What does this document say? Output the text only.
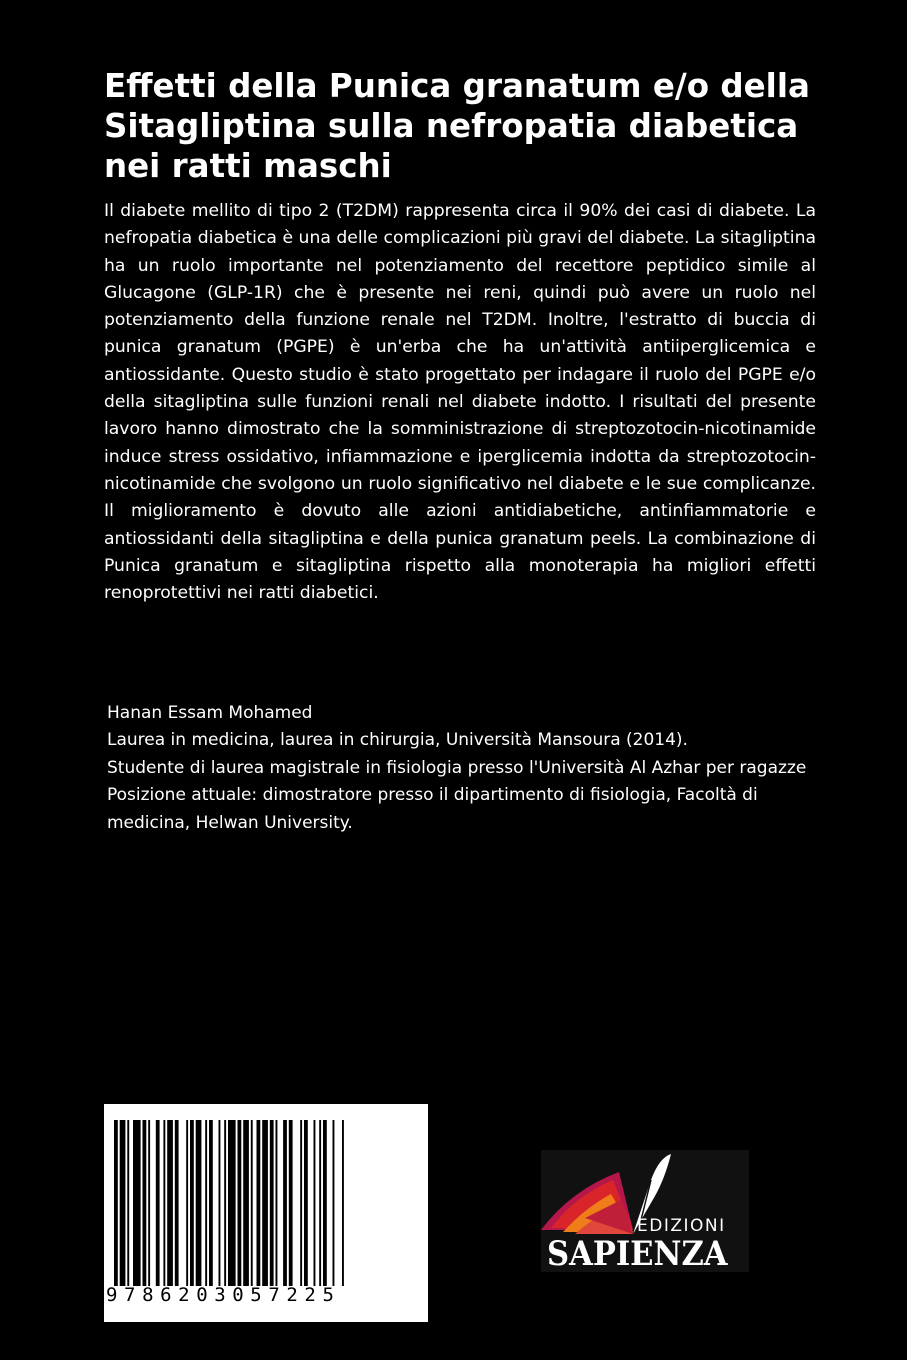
Effetti della Punica granatum e/o della Sitagliptina sulla nefropatia diabetica nei ratti maschi

Il diabete mellito di tipo 2 (T2DM) rappresenta circa il 90% dei casi di diabete. La nefropatia diabetica è una delle complicazioni più gravi del diabete. La sitagliptina ha un ruolo importante nel potenziamento del recettore peptidico simile al Glucagone (GLP-1R) che è presente nei reni, quindi può avere un ruolo nel potenziamento della funzione renale nel T2DM. Inoltre, l'estratto di buccia di punica granatum (PGPE) è un'erba che ha un'attività antiiperglicemica e antiossidante. Questo studio è stato progettato per indagare il ruolo del PGPE e/o della sitagliptina sulle funzioni renali nel diabete indotto. I risultati del presente lavoro hanno dimostrato che la somministrazione di streptozotocin-nicotinamide induce stress ossidativo, infiammazione e iperglicemia indotta da streptozotocin-nicotinamide che svolgono un ruolo significativo nel diabete e le sue complicanze. Il miglioramento è dovuto alle azioni antidiabetiche, antinfiammatorie e antiossidanti della sitagliptina e della punica granatum peels. La combinazione di Punica granatum e sitagliptina rispetto alla monoterapia ha migliori effetti renoprotettivi nei ratti diabetici.

Hanan Essam Mohamed

Laurea in medicina, laurea in chirurgia, Università Mansoura (2014).

Studente di laurea magistrale in fisiologia presso l'Università Al Azhar per ragazze

Posizione attuale: dimostratore presso il dipartimento di fisiologia, Facoltà di medicina, Helwan University.

9786203057225
EDIZIONI
SAPIENZA
